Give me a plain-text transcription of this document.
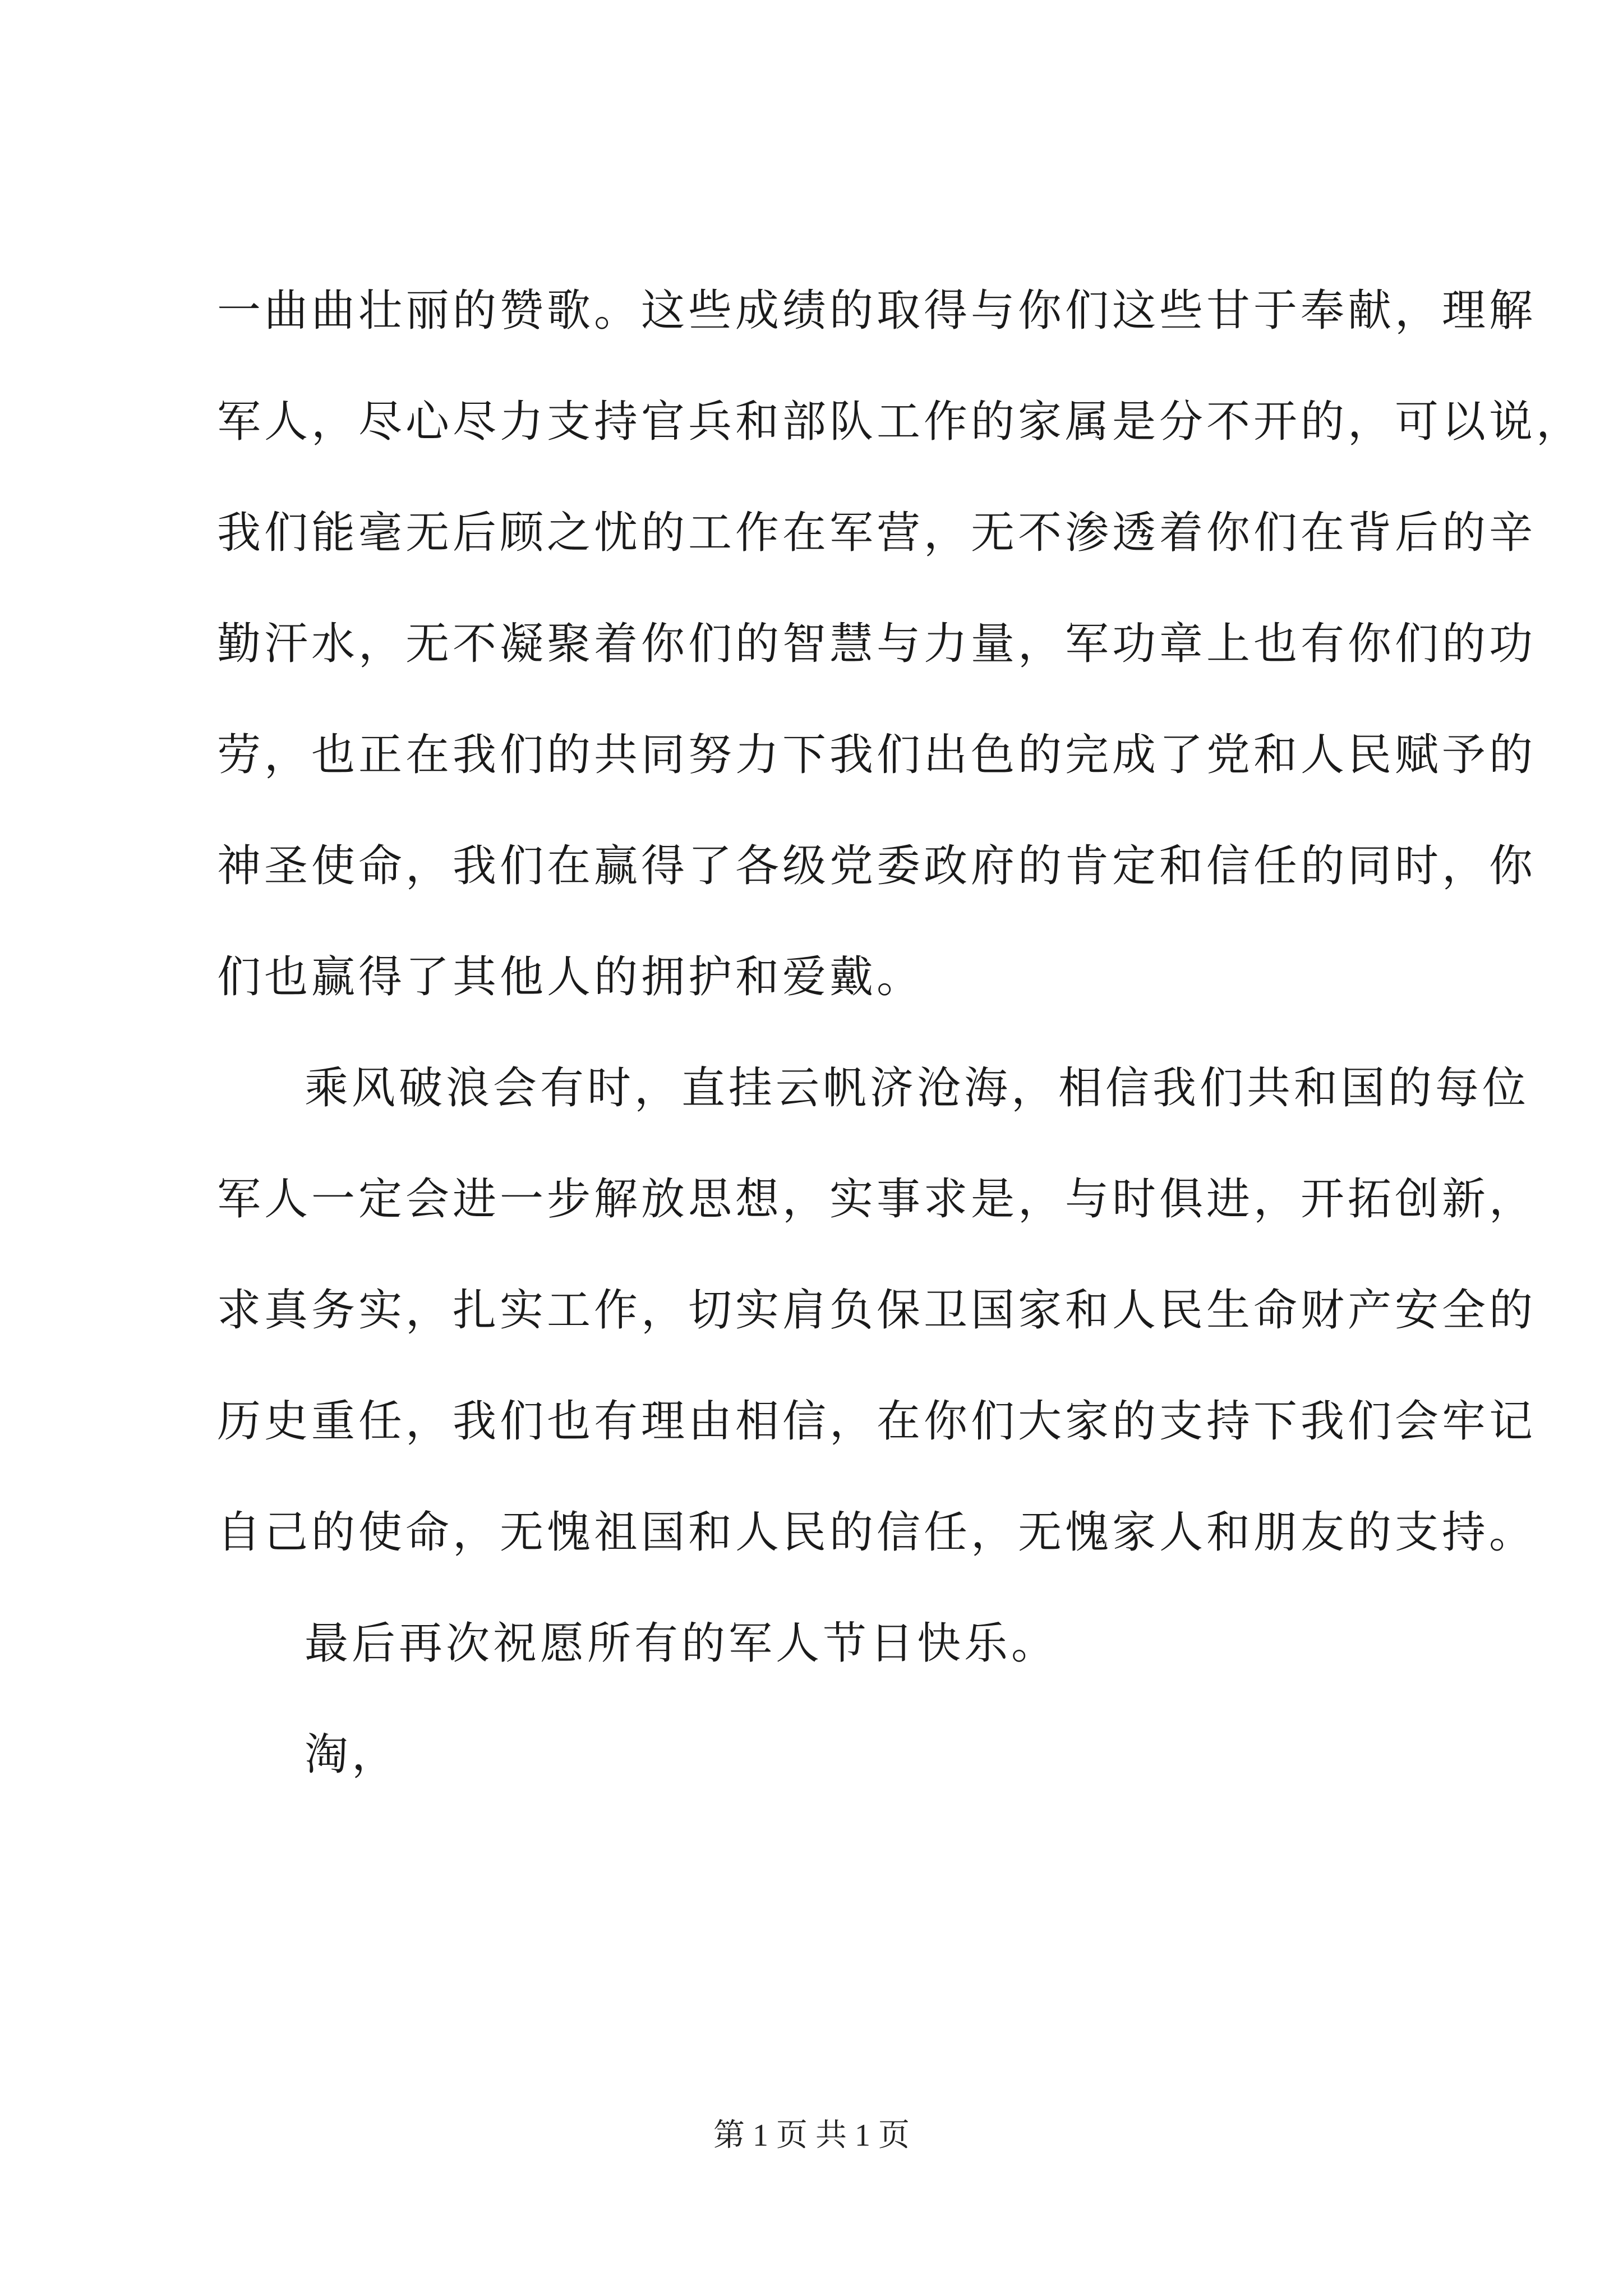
一曲曲壮丽的赞歌。这些成绩的取得与你们这些甘于奉献，理解
军人，尽心尽力支持官兵和部队工作的家属是分不开的，可以说，
我们能毫无后顾之忧的工作在军营，无不渗透着你们在背后的辛
勤汗水，无不凝聚着你们的智慧与力量，军功章上也有你们的功
劳，也正在我们的共同努力下我们出色的完成了党和人民赋予的
神圣使命，我们在赢得了各级党委政府的肯定和信任的同时，你
们也赢得了其他人的拥护和爱戴。
乘风破浪会有时，直挂云帆济沧海，相信我们共和国的每位
军人一定会进一步解放思想，实事求是，与时俱进，开拓创新，
求真务实，扎实工作，切实肩负保卫国家和人民生命财产安全的
历史重任，我们也有理由相信，在你们大家的支持下我们会牢记
自己的使命，无愧祖国和人民的信任，无愧家人和朋友的支持。
最后再次祝愿所有的军人节日快乐。
淘，
第 1 页 共 1 页
